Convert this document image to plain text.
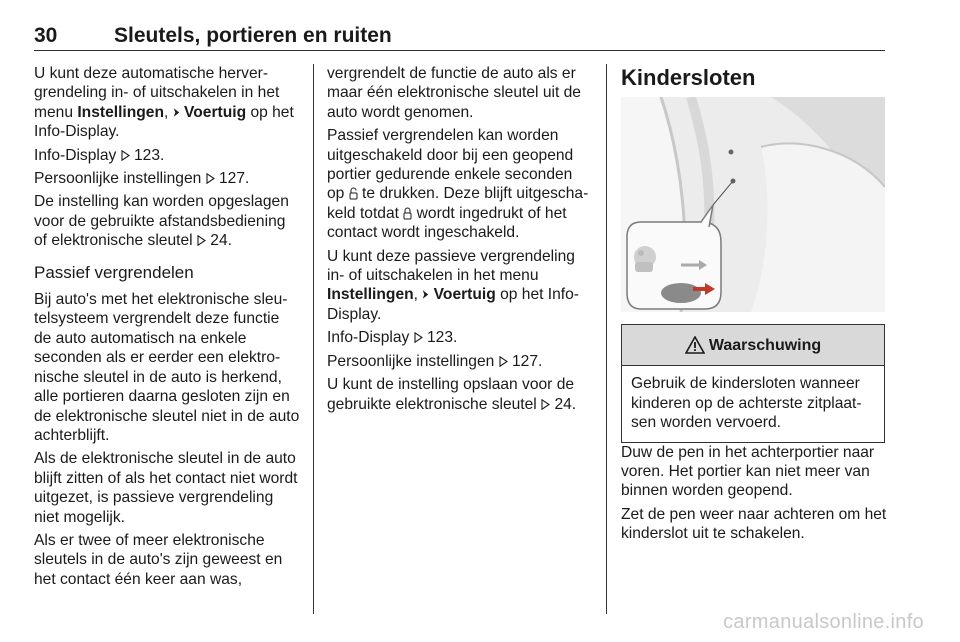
30	Sleutels, portieren en ruiten

U kunt deze automatische hervergrendeling in- of uitschakelen in het menu Instellingen,  Voertuig op het Info-Display.

Info-Display  123.

Persoonlijke instellingen  127.

De instelling kan worden opgeslagen voor de gebruikte afstandsbediening of elektronische sleutel  24.

Passief vergrendelen

Bij auto's met het elektronische sleutelsysteem vergrendelt deze functie de auto automatisch na enkele seconden als er eerder een elektronische sleutel in de auto is herkend, alle portieren daarna gesloten zijn en de elektronische sleutel niet in de auto achterblijft.

Als de elektronische sleutel in de auto blijft zitten of als het contact niet wordt uitgezet, is passieve vergrendeling niet mogelijk.

Als er twee of meer elektronische sleutels in de auto's zijn geweest en het contact één keer aan was,

vergrendelt de functie de auto als er maar één elektronische sleutel uit de auto wordt genomen.

Passief vergrendelen kan worden uitgeschakeld door bij een geopend portier gedurende enkele seconden op  te drukken. Deze blijft uitgeschakeld totdat  wordt ingedrukt of het contact wordt ingeschakeld.

U kunt deze passieve vergrendeling in- of uitschakelen in het menu Instellingen,  Voertuig op het Info-Display.

Info-Display  123.

Persoonlijke instellingen  127.

U kunt de instelling opslaan voor de gebruikte elektronische sleutel  24.

Kindersloten
Waarschuwing
Gebruik de kindersloten wanneer kinderen op de achterste zitplaatsen worden vervoerd.

Duw de pen in het achterportier naar voren. Het portier kan niet meer van binnen worden geopend.

Zet de pen weer naar achteren om het kinderslot uit te schakelen.

carmanualsonline.info
